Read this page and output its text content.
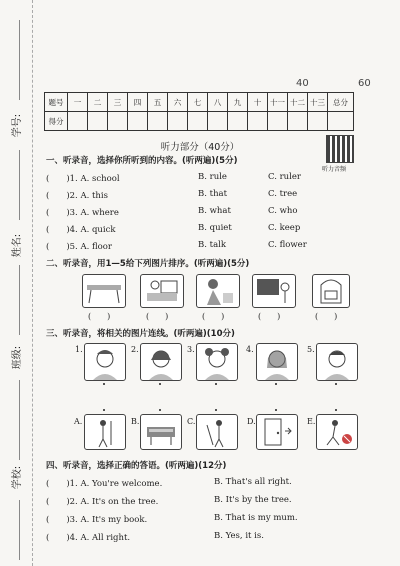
学号:
姓名:
班级:
学校:
40	60
题号	一	二	三	四	五	六	七	八	九	十	十一	十二	十三	总分
得分														
听力部分（40分）
听力音频
一、听录音，选择你所听到的内容。(听两遍)(5分)
(　　)1. A. school	B. rule	C. ruler
(　　)2. A. this	B. that	C. tree
(　　)3. A. where	B. what	C. who
(　　)4. A. quick	B. quiet	C. keep
(　　)5. A. floor	B. talk	C. flower
二、听录音，用1—5给下列图片排序。(听两遍)(5分)
(　　)	(　　)	(　　)	(　　)	(　　)
三、听录音，将相关的图片连线。(听两遍)(10分)
1.	2.	3.	4.	5.
A.	B.	C.	D.	E.
四、听录音，选择正确的答语。(听两遍)(12分)
(　　)1. A. You're welcome.	B. That's all right.
(　　)2. A. It's on the tree.	B. It's by the tree.
(　　)3. A. It's my book.	B. That is my mum.
(　　)4. A. All right.	B. Yes, it is.
